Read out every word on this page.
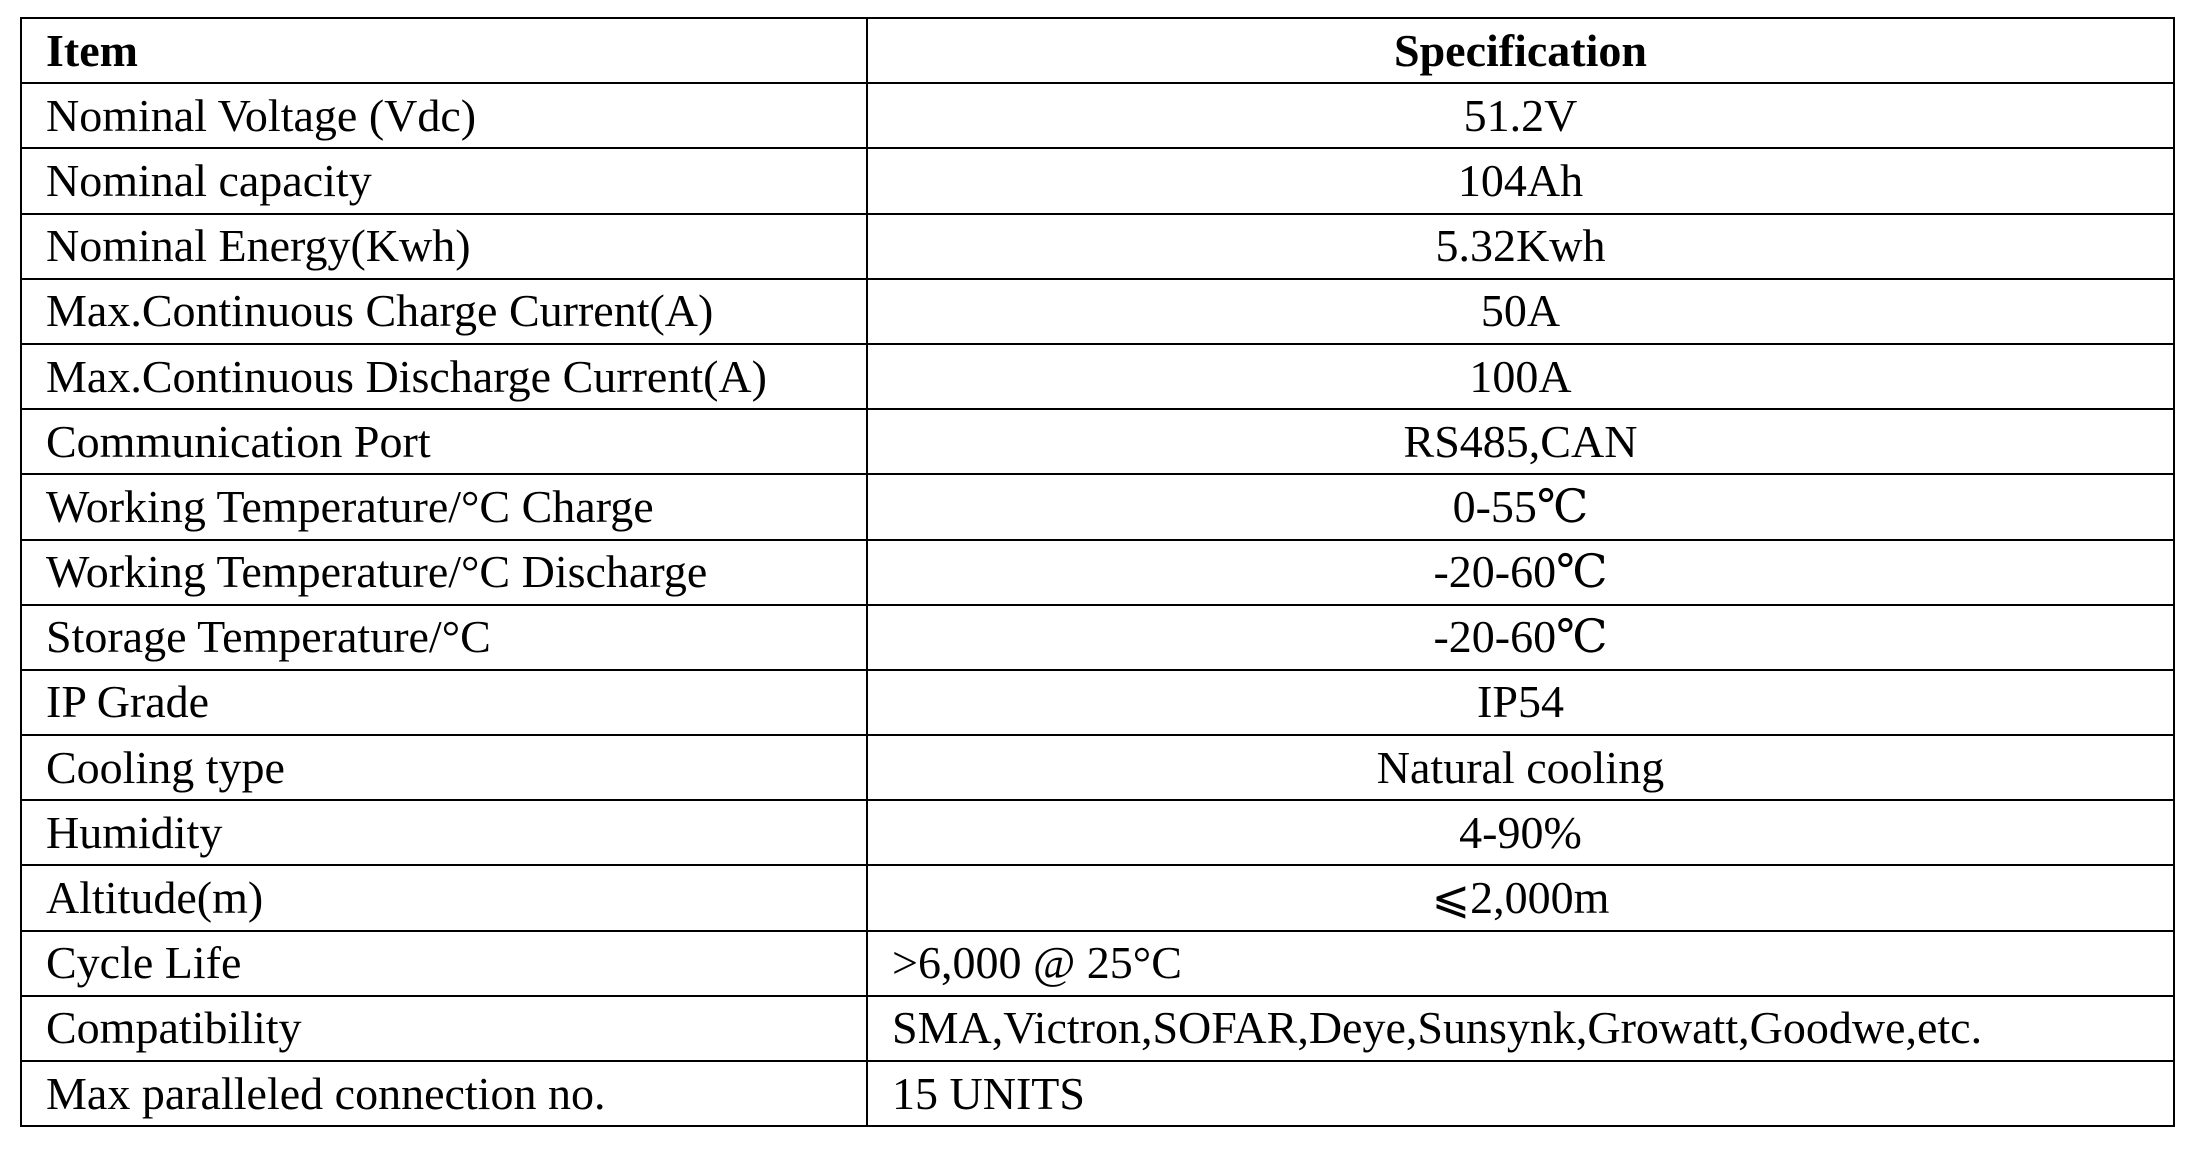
Item	Specification
Nominal Voltage (Vdc)	51.2V
Nominal capacity	104Ah
Nominal Energy(Kwh)	5.32Kwh
Max.Continuous Charge Current(A)	50A
Max.Continuous Discharge Current(A)	100A
Communication Port	RS485,CAN
Working Temperature/°C Charge	0-55℃
Working Temperature/°C Discharge	-20-60℃
Storage Temperature/°C	-20-60℃
IP Grade	IP54
Cooling type	Natural cooling
Humidity	4-90%
Altitude(m)	⩽2,000m
Cycle Life	>6,000 @ 25°C
Compatibility	SMA,Victron,SOFAR,Deye,Sunsynk,Growatt,Goodwe,etc.
Max paralleled connection no.	15 UNITS
